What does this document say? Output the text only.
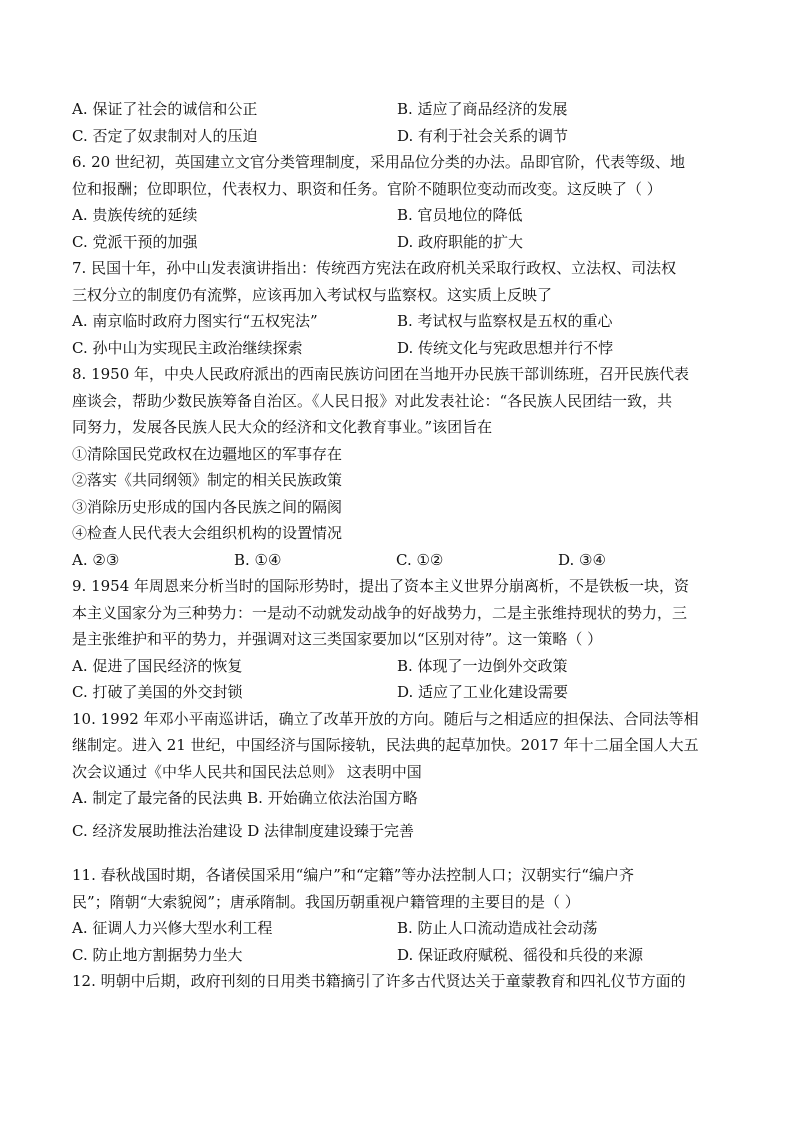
A. 保证了社会的诚信和公正	B. 适应了商品经济的发展
C. 否定了奴隶制对人的压迫	D. 有利于社会关系的调节
6. 20 世纪初，英国建立文官分类管理制度，采用品位分类的办法。品即官阶，代表等级、地
位和报酬；位即职位，代表权力、职资和任务。官阶不随职位变动而改变。这反映了（ ）
A. 贵族传统的延续	B. 官员地位的降低
C. 党派干预的加强	D. 政府职能的扩大
7. 民国十年，孙中山发表演讲指出：传统西方宪法在政府机关采取行政权、立法权、司法权
三权分立的制度仍有流弊，应该再加入考试权与监察权。这实质上反映了
A. 南京临时政府力图实行“五权宪法”	B. 考试权与监察权是五权的重心
C. 孙中山为实现民主政治继续探索	D. 传统文化与宪政思想并行不悖
8. 1950 年，中央人民政府派出的西南民族访问团在当地开办民族干部训练班，召开民族代表
座谈会，帮助少数民族筹备自治区。《人民日报》对此发表社论：“各民族人民团结一致，共
同努力，发展各民族人民大众的经济和文化教育事业。”该团旨在
①清除国民党政权在边疆地区的军事存在
②落实《共同纲领》制定的相关民族政策
③消除历史形成的国内各民族之间的隔阂
④检查人民代表大会组织机构的设置情况
A. ②③	B. ①④	C. ①②	D. ③④
9. 1954 年周恩来分析当时的国际形势时，提出了资本主义世界分崩离析，不是铁板一块，资
本主义国家分为三种势力：一是动不动就发动战争的好战势力，二是主张维持现状的势力，三
是主张维护和平的势力，并强调对这三类国家要加以“区别对待”。这一策略（ ）
A. 促进了国民经济的恢复	B. 体现了一边倒外交政策
C. 打破了美国的外交封锁	D. 适应了工业化建设需要
10. 1992 年邓小平南巡讲话，确立了改革开放的方向。随后与之相适应的担保法、合同法等相
继制定。进入 21 世纪，中国经济与国际接轨，民法典的起草加快。2017 年十二届全国人大五
次会议通过《中华人民共和国民法总则》 这表明中国
A. 制定了最完备的民法典 B. 开始确立依法治国方略
C. 经济发展助推法治建设 D 法律制度建设臻于完善
11. 春秋战国时期，各诸侯国采用“编户”和“定籍”等办法控制人口；汉朝实行“编户齐
民”；隋朝“大索貌阅”；唐承隋制。我国历朝重视户籍管理的主要目的是（ ）
A. 征调人力兴修大型水利工程	B. 防止人口流动造成社会动荡
C. 防止地方割据势力坐大	D. 保证政府赋税、徭役和兵役的来源
12. 明朝中后期，政府刊刻的日用类书籍摘引了许多古代贤达关于童蒙教育和四礼仪节方面的
